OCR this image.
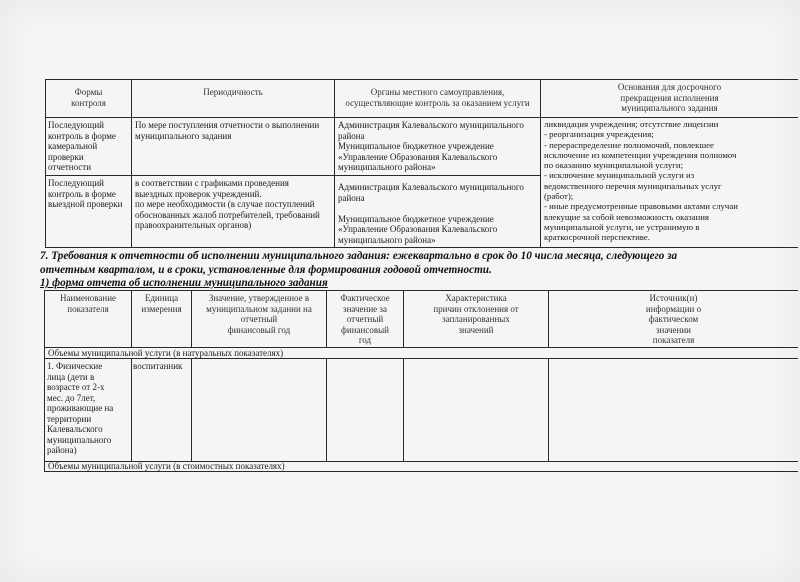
Формы
контроля
Периодичность	Органы местного самоуправления,
осуществляющие контроль за оказанием услуги
Основания для досрочного
прекращения исполнения
муниципального задания
Последующий
контроль в форме
камеральной
проверки
отчетности
По мере поступления отчетности о выполнении
муниципального задания
Администрация Калевальского муниципального
района
Муниципальное бюджетное учреждение
«Управление Образования Калевальского
муниципального района»
Последующий
контроль в форме
выездной проверки
в соответствии с графиками проведения
выездных проверок учреждений.
по мере необходимости (в случае поступлений
обоснованных жалоб потребителей, требований
правоохранительных органов)
Администрация Калевальского муниципального
района

Муниципальное бюджетное учреждение
«Управление Образования Калевальского
муниципального района»
ликвидация учреждения; отсутствие лицензии
- реорганизация учреждения;
- перераспределение полномочий, повлекшее
исключение из компетенции учреждения полномоч
по оказанию муниципальной услуги;
- исключение муниципальной услуги из
ведомственного перечня муниципальных услуг
(работ);
- иные предусмотренные правовыми актами случаи
влекущие за собой невозможность оказания
муниципальной услуги, не устранимую в
краткосрочной перспективе.
7. Требования к отчетности об исполнении муниципального задания: ежеквартально в срок до 10 числа месяца, следующего за
отчетным кварталом, и в сроки, установленные для формирования годовой отчетности.
1) форма отчета об исполнении муниципального задания
Наименование
показателя
Единица
измерения
Значение, утвержденное в
муниципальном задании на
отчетный
финансовый год
Фактическое
значение за
отчетный
финансовый
год
Характеристика
причин отклонения от
запланированных
значений
Источник(и)
информации о
фактическом
значении
показателя
Объемы муниципальной услуги (в натуральных показателях)
1. Физические
лица (дети в
возрасте от 2-х
мес. до 7лет,
проживающие на
территории
Калевальского
муниципального
района)
воспитанник
Объемы муниципальной услуги (в стоимостных показателях)
